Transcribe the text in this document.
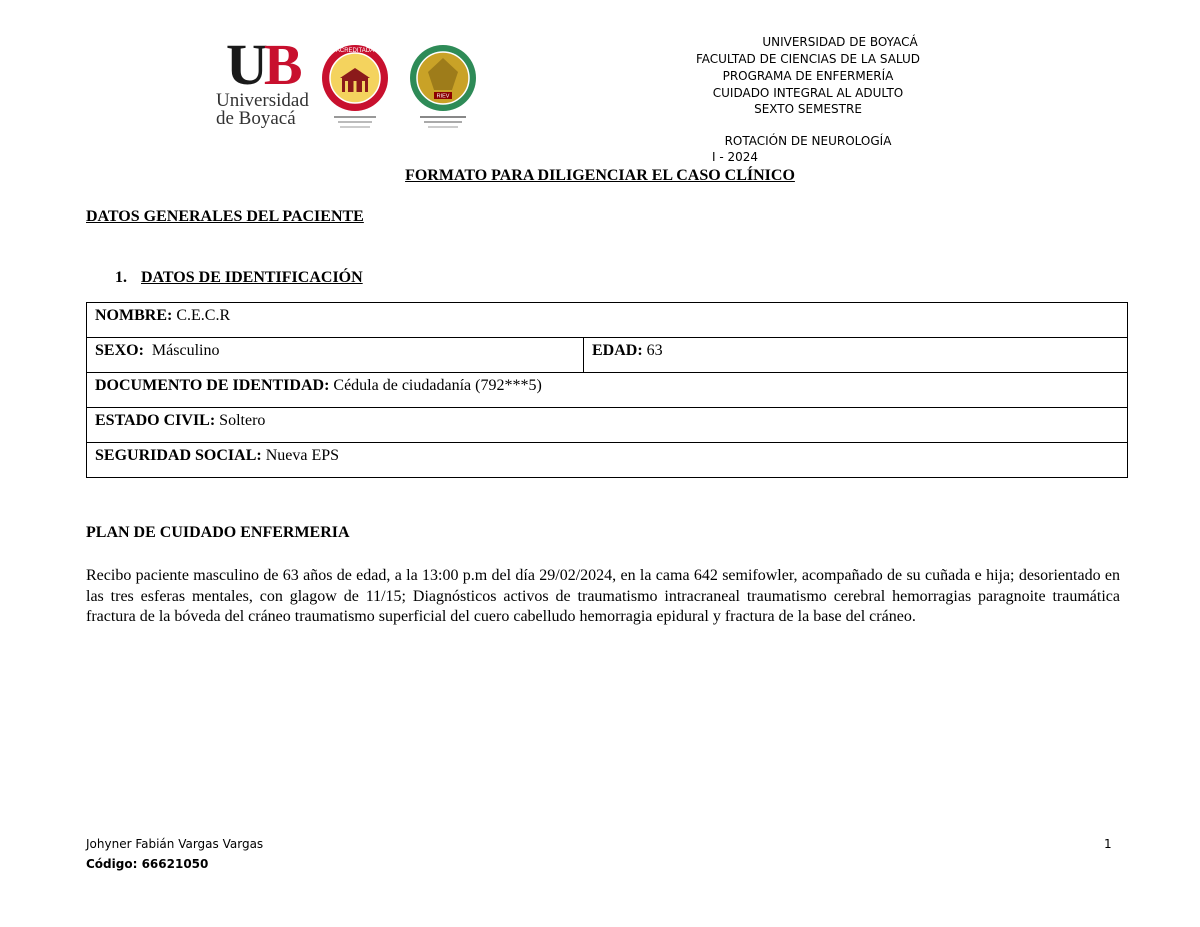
UB
Universidad
de Boyacá
ACREDITADA
RIEV
UNIVERSIDAD DE BOYACÁ
FACULTAD DE CIENCIAS DE LA SALUD
PROGRAMA DE ENFERMERÍA
CUIDADO INTEGRAL AL ADULTO
SEXTO SEMESTRE
ROTACIÓN DE NEUROLOGÍA
I - 2024
FORMATO PARA DILIGENCIAR EL CASO CLÍNICO
DATOS GENERALES DEL PACIENTE
1. DATOS DE IDENTIFICACIÓN
NOMBRE: C.E.C.R
SEXO:  Másculino	EDAD: 63
DOCUMENTO DE IDENTIDAD: Cédula de ciudadanía (792***5)
ESTADO CIVIL: Soltero
SEGURIDAD SOCIAL: Nueva EPS
PLAN DE CUIDADO ENFERMERIA
Recibo paciente masculino de 63 años de edad, a la 13:00 p.m del día 29/02/2024, en la cama 642 semifowler, acompañado de su cuñada e hija; desorientado en las tres esferas mentales, con glagow de 11/15; Diagnósticos activos de traumatismo intracraneal traumatismo cerebral hemorragias paragnoite traumática fractura de la bóveda del cráneo traumatismo superficial del cuero cabelludo hemorragia epidural y fractura de la base del cráneo.
Johyner Fabián Vargas Vargas
Código: 66621050
1
